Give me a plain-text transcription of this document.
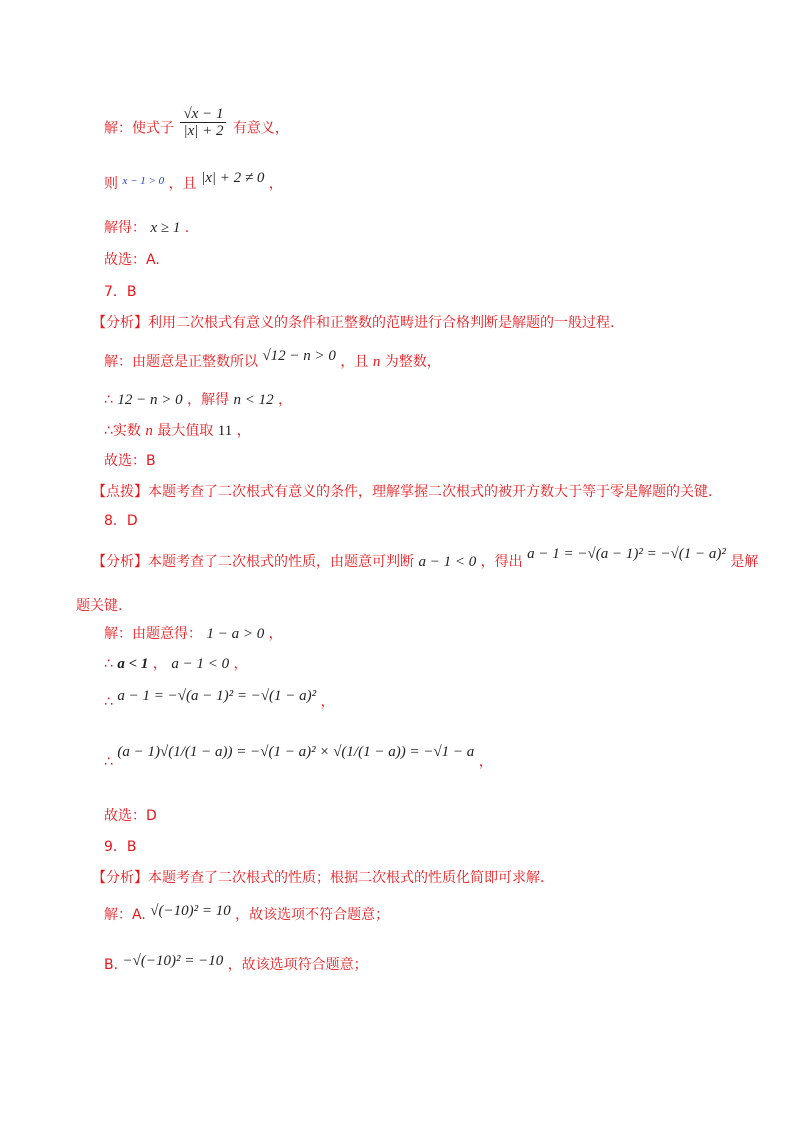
解：使式子 $\frac{√x - 1}{|x| + 2}$ 有意义，
则 $^{x - 1 > 0}$ ，且 |x| + 2 ≠ 0 ，
解得： x ≥ 1 .
故选：A.
7．B
【分析】利用二次根式有意义的条件和正整数的范畴进行合格判断是解题的一般过程.
解：由题意是正整数所以 √12 − n > 0 ，且 n 为整数，
∴ 12 − n > 0 ，解得 n < 12 ，
∴实数 n 最大值取 11 ，
故选：B
【点拨】本题考查了二次根式有意义的条件，理解掌握二次根式的被开方数大于等于零是解题的关键.
8．D
【分析】本题考查了二次根式的性质，由题意可判断 a − 1 < 0 ，得出 a − 1 = −√(a − 1)² = −√(1 − a)² 是解
题关键.
解：由题意得： 1 − a > 0 ，
∴ a < 1 ， a − 1 < 0 ，
∴ a − 1 = −√(a − 1)² = −√(1 − a)² ，
∴ (a − 1)√(1/(1 − a)) = −√(1 − a)² × √(1/(1 − a)) = −√1 − a ，
故选：D
9．B
【分析】本题考查了二次根式的性质；根据二次根式的性质化简即可求解.
解：A. √(−10)² = 10 ，故该选项不符合题意；
B. −√(−10)² = −10 ，故该选项符合题意；
